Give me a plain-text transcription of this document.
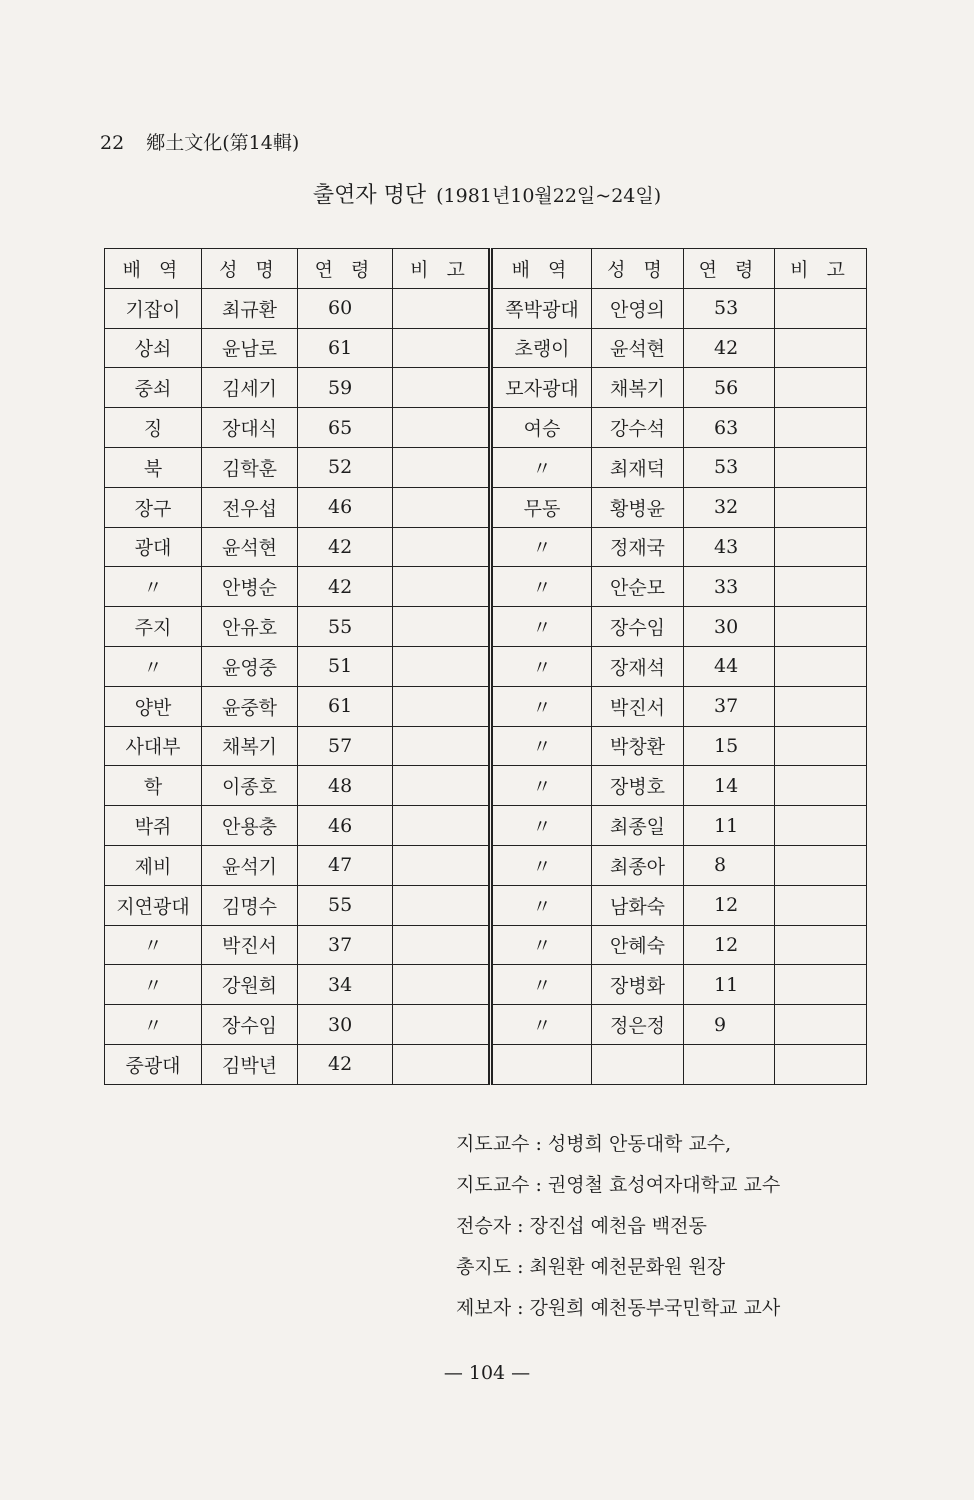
22 鄕土文化(第14輯)
출연자 명단 (1981년10월22일~24일)
배 역	성 명	연 령	비 고	배 역	성 명	연 령	비 고
기잡이	최규환	60		쪽박광대	안영의	53	
상쇠	윤남로	61		초랭이	윤석현	42	
중쇠	김세기	59		모자광대	채복기	56	
징	장대식	65		여승	강수석	63	
북	김학훈	52		〃	최재덕	53	
장구	전우섭	46		무동	황병윤	32	
광대	윤석현	42		〃	정재국	43	
〃	안병순	42		〃	안순모	33	
주지	안유호	55		〃	장수임	30	
〃	윤영중	51		〃	장재석	44	
양반	윤중학	61		〃	박진서	37	
사대부	채복기	57		〃	박창환	15	
학	이종호	48		〃	장병호	14	
박쥐	안용충	46		〃	최종일	11	
제비	윤석기	47		〃	최종아	8	
지연광대	김명수	55		〃	남화숙	12	
〃	박진서	37		〃	안혜숙	12	
〃	강원희	34		〃	장병화	11	
〃	장수임	30		〃	정은정	9	
중광대	김박년	42					
지도교수 : 성병희 안동대학 교수,
지도교수 : 권영철 효성여자대학교 교수
전승자 : 장진섭 예천읍 백전동
총지도 : 최원환 예천문화원 원장
제보자 : 강원희 예천동부국민학교 교사
— 104 —
